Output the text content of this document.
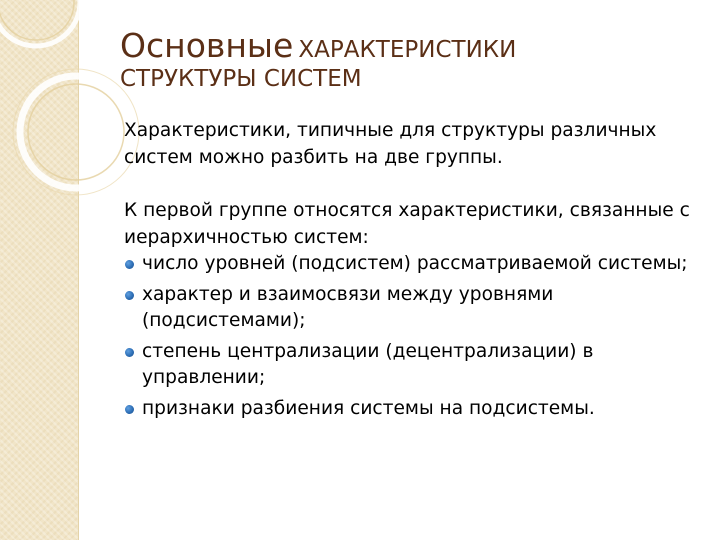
Основные ХАРАКТЕРИСТИКИ
СТРУКТУРЫ СИСТЕМ

Характеристики, типичные для структуры различных систем можно разбить на две группы.

К первой группе относятся характеристики, связанные с иерархичностью систем:

число уровней (подсистем) рассматриваемой системы;
характер и взаимосвязи между уровнями (подсистемами);
степень централизации (децентрализации) в управлении;
признаки разбиения системы на подсистемы.
